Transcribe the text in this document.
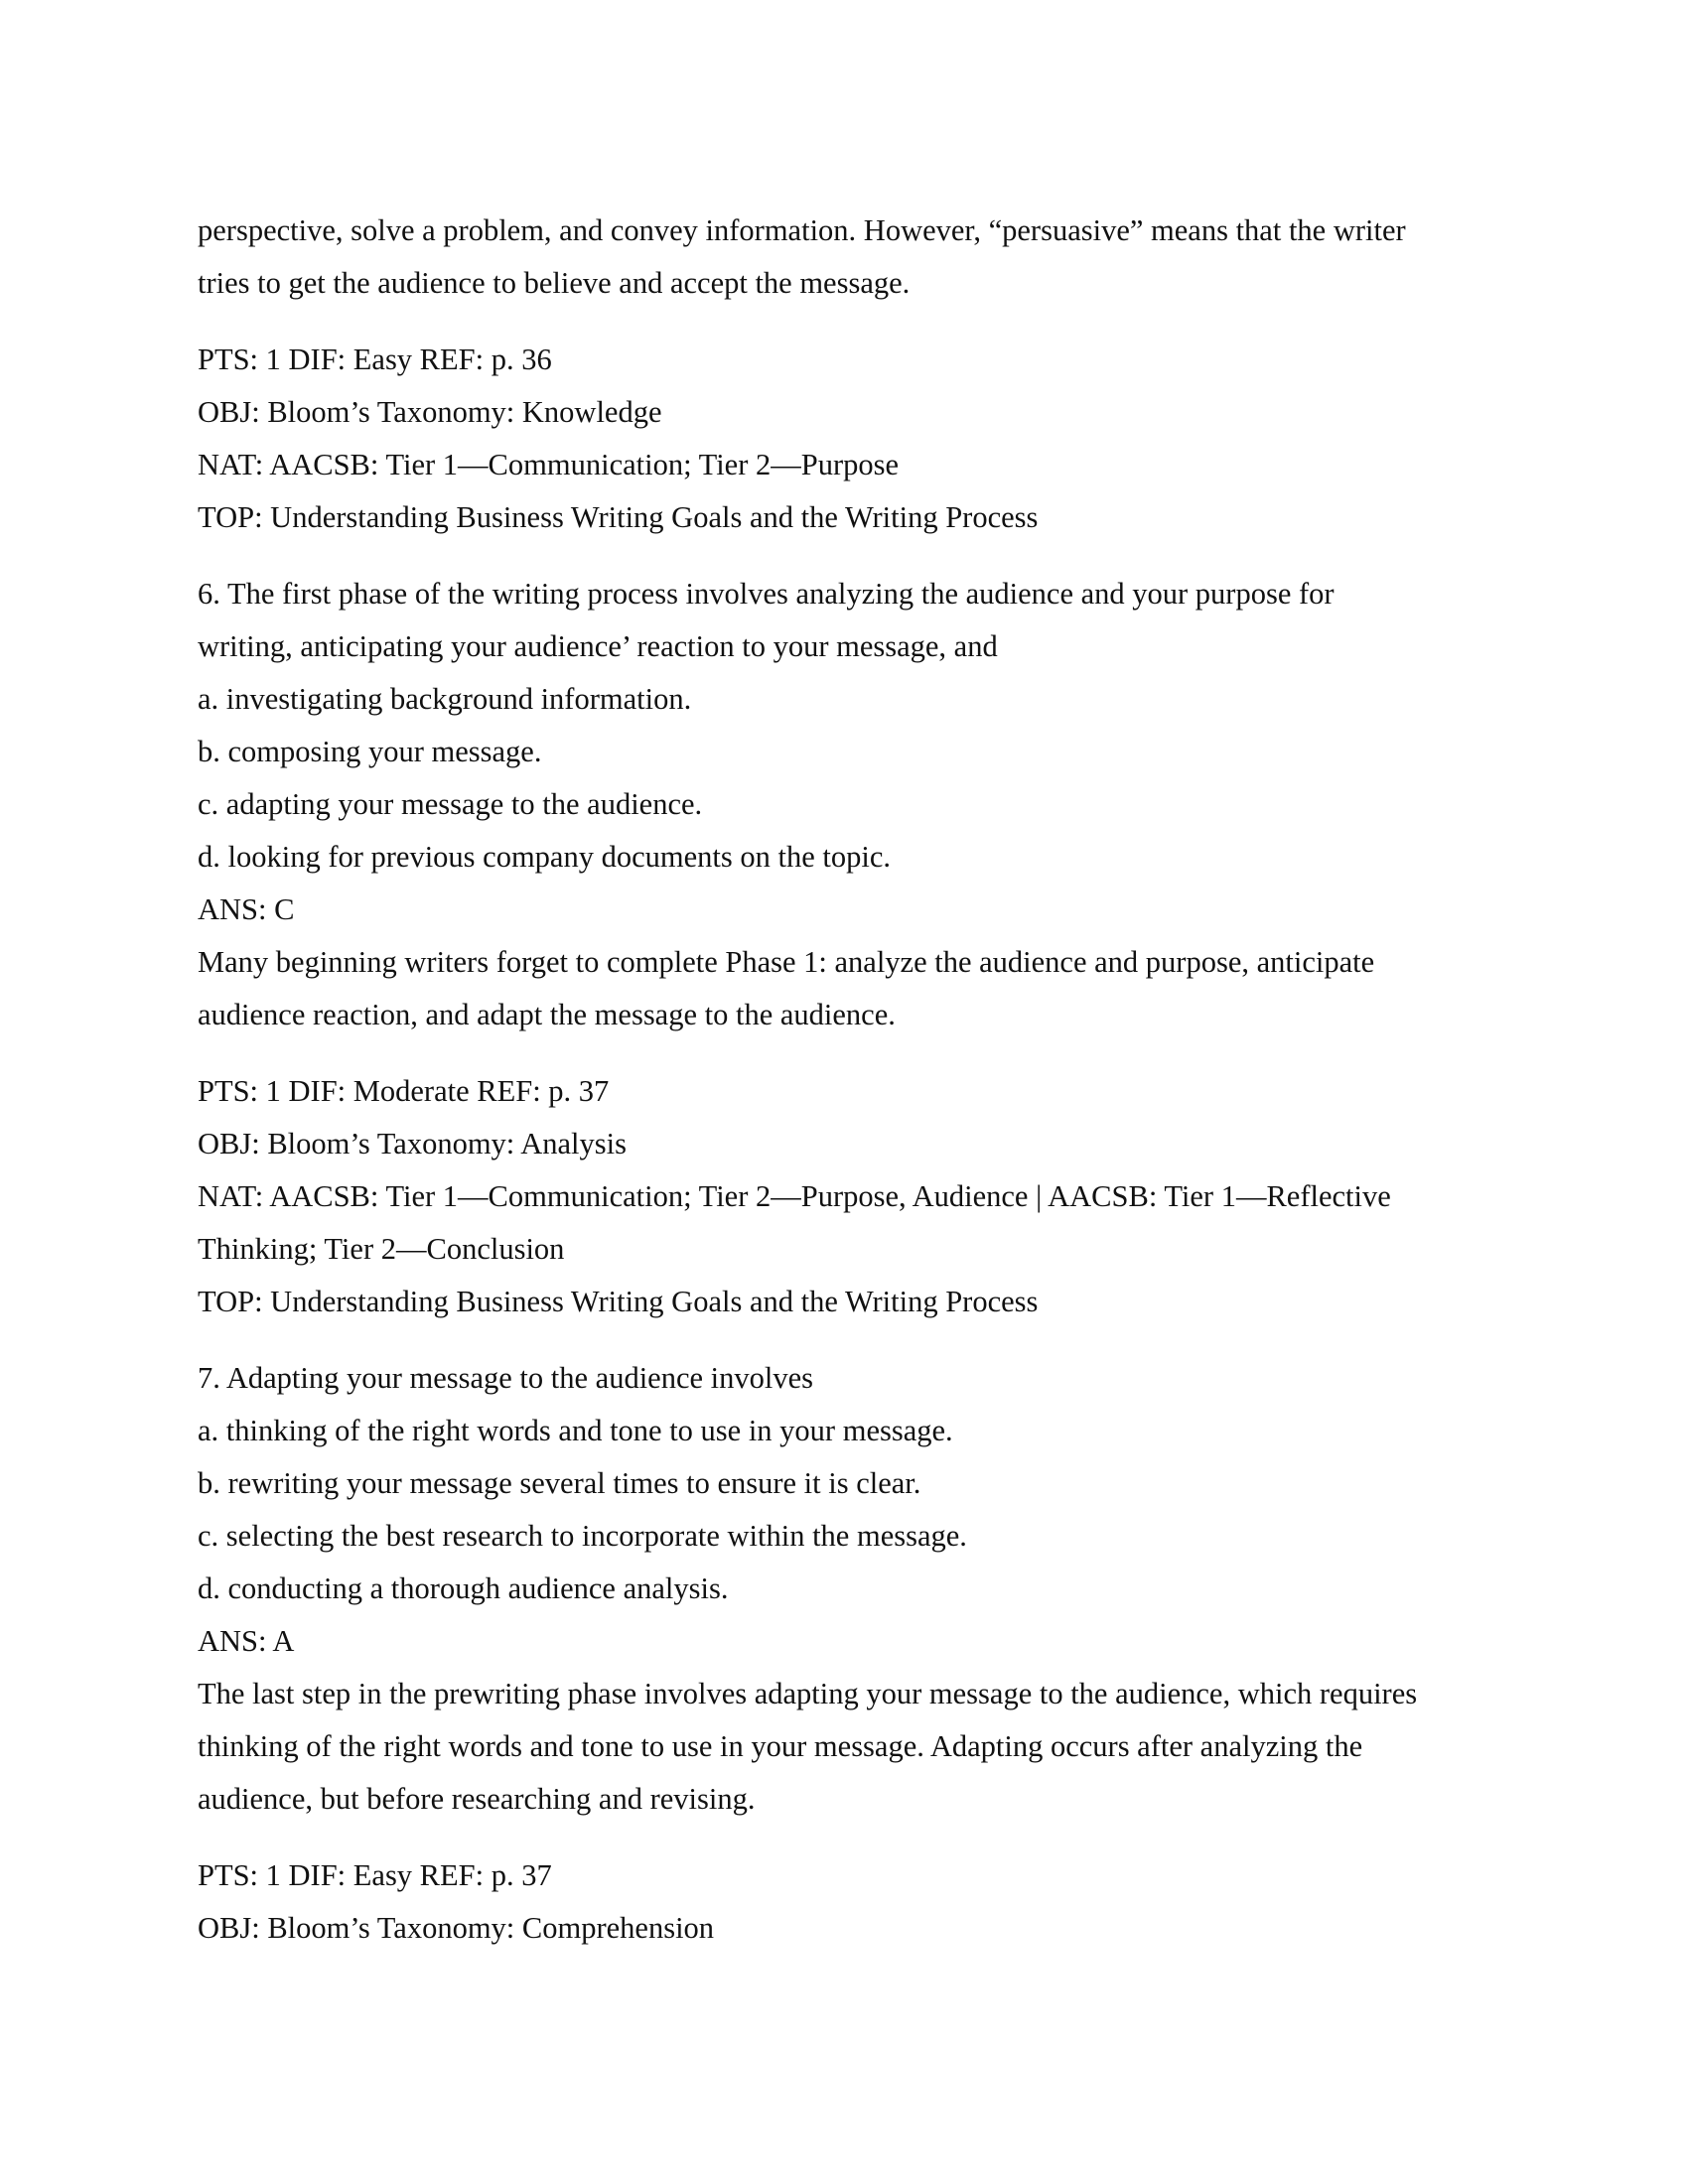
perspective, solve a problem, and convey information. However, “persuasive” means that the writer
tries to get the audience to believe and accept the message.
PTS: 1 DIF: Easy REF: p. 36
OBJ: Bloom’s Taxonomy: Knowledge
NAT: AACSB: Tier 1—Communication; Tier 2—Purpose
TOP: Understanding Business Writing Goals and the Writing Process
6. The first phase of the writing process involves analyzing the audience and your purpose for
writing, anticipating your audience’ reaction to your message, and
a. investigating background information.
b. composing your message.
c. adapting your message to the audience.
d. looking for previous company documents on the topic.
ANS: C
Many beginning writers forget to complete Phase 1: analyze the audience and purpose, anticipate
audience reaction, and adapt the message to the audience.
PTS: 1 DIF: Moderate REF: p. 37
OBJ: Bloom’s Taxonomy: Analysis
NAT: AACSB: Tier 1—Communication; Tier 2—Purpose, Audience | AACSB: Tier 1—Reflective
Thinking; Tier 2—Conclusion
TOP: Understanding Business Writing Goals and the Writing Process
7. Adapting your message to the audience involves
a. thinking of the right words and tone to use in your message.
b. rewriting your message several times to ensure it is clear.
c. selecting the best research to incorporate within the message.
d. conducting a thorough audience analysis.
ANS: A
The last step in the prewriting phase involves adapting your message to the audience, which requires
thinking of the right words and tone to use in your message. Adapting occurs after analyzing the
audience, but before researching and revising.
PTS: 1 DIF: Easy REF: p. 37
OBJ: Bloom’s Taxonomy: Comprehension
